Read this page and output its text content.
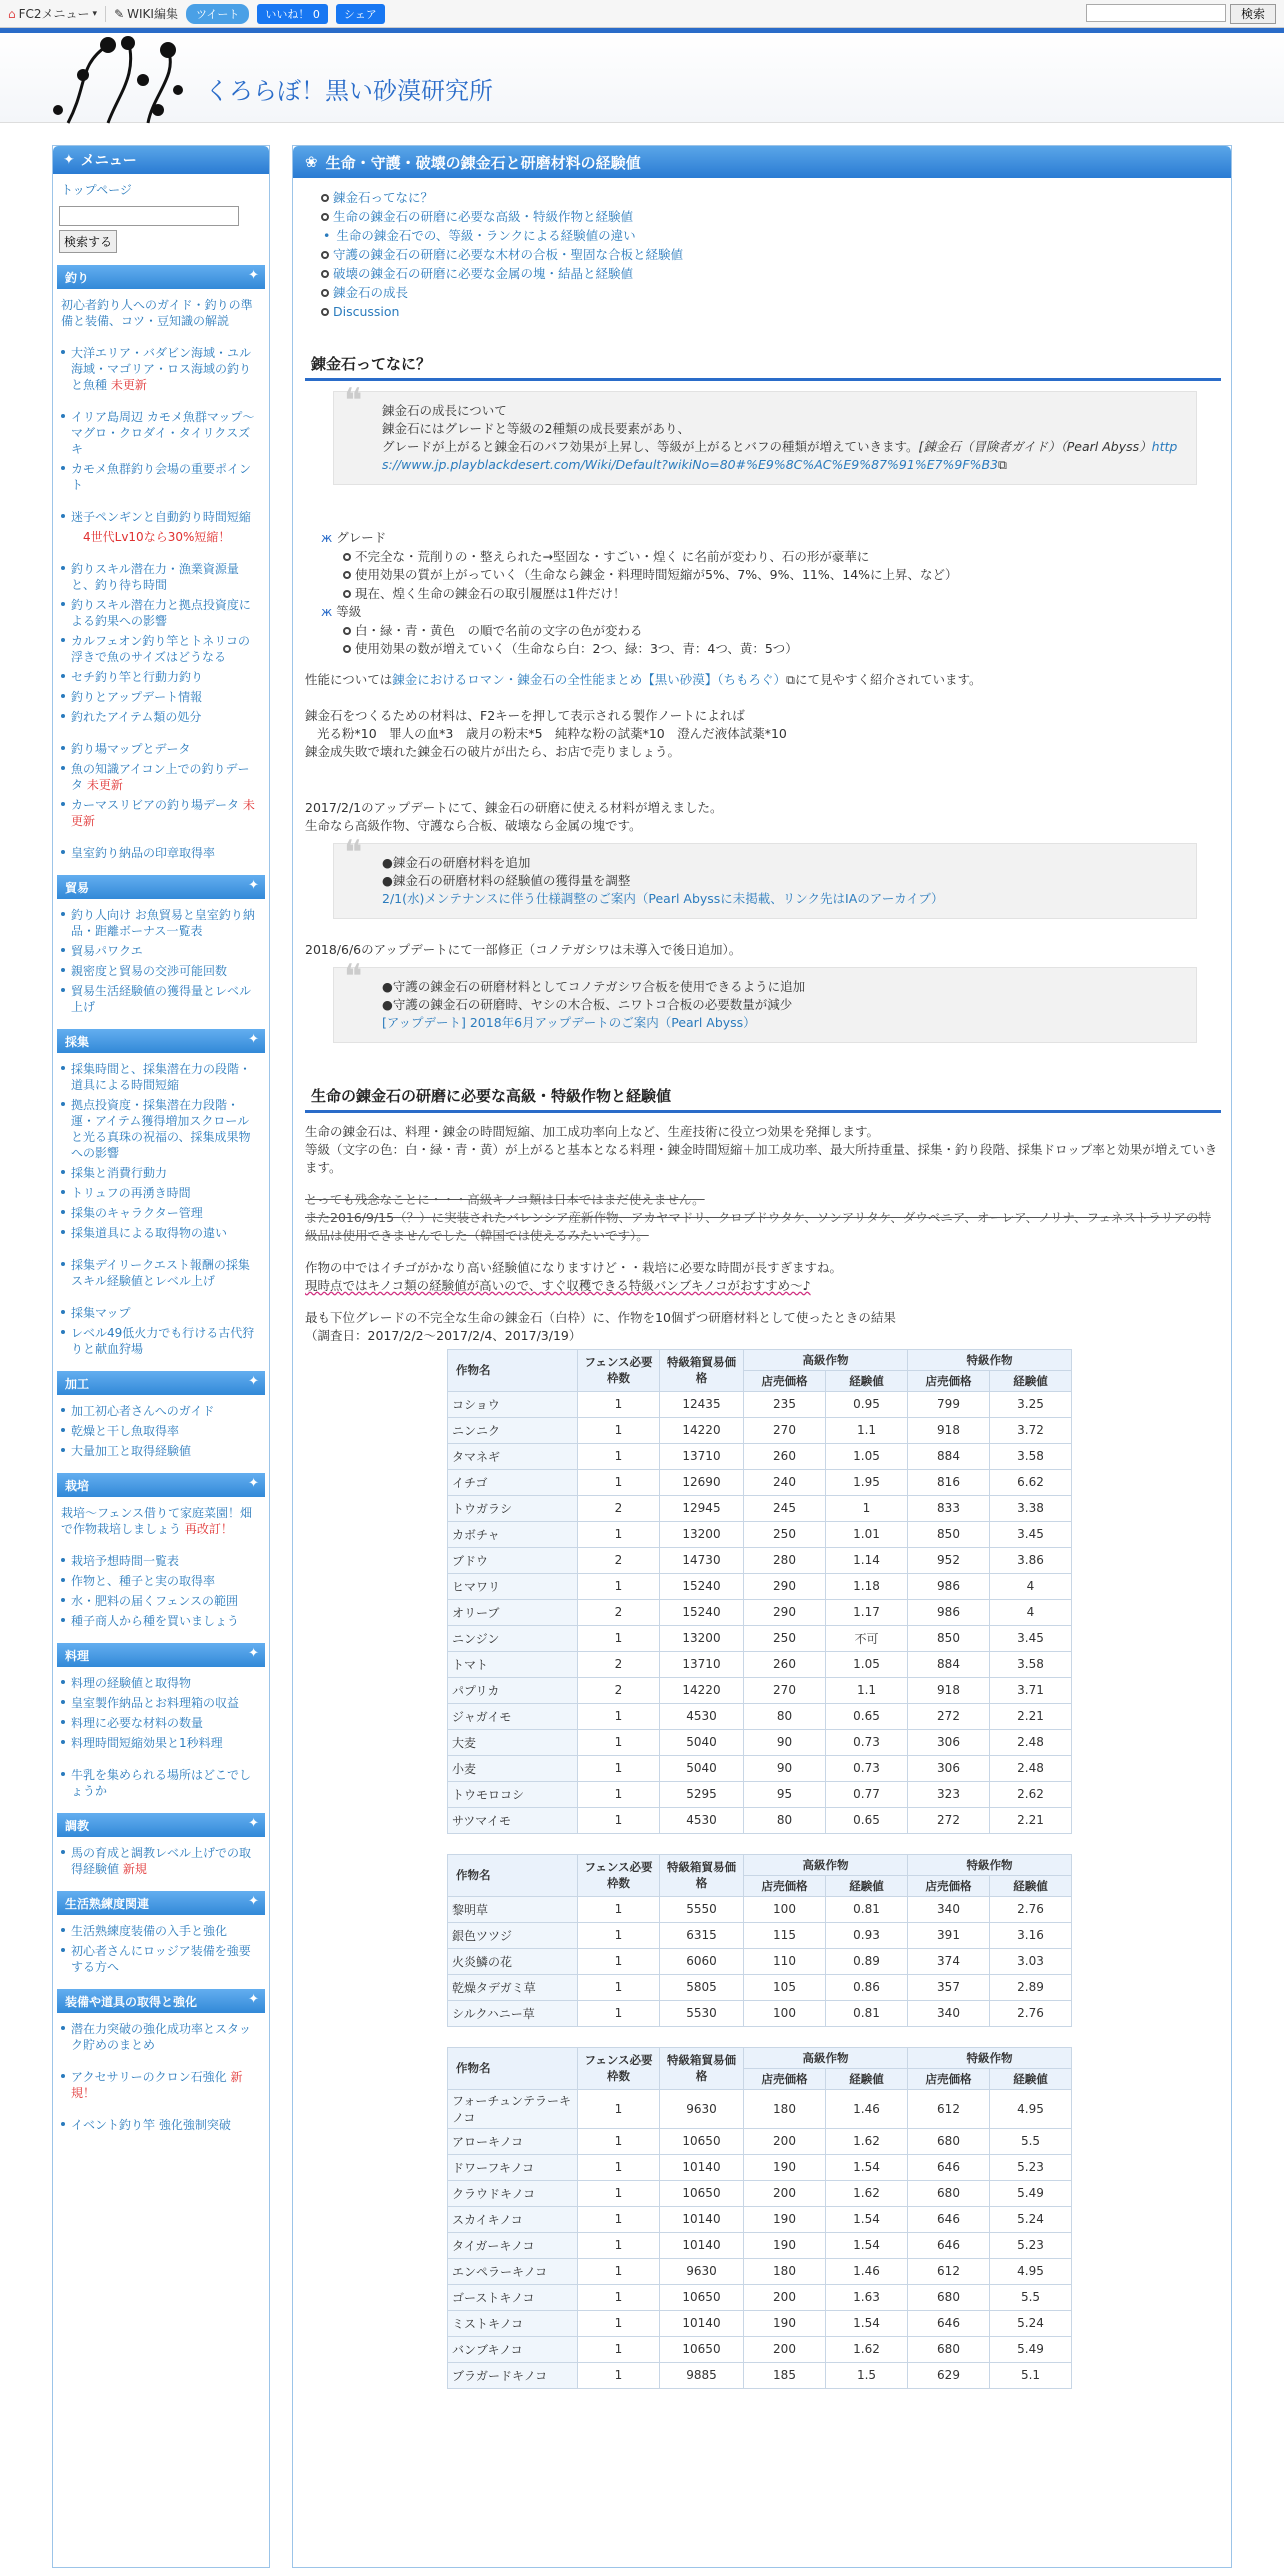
⌂ FC2メニュー ▾ ✎ WIKI編集	ツイート	いいね！ 0	シェア	検索
くろらぼ！黒い砂漠研究所
✦ メニュー
トップページ

検索する
釣り ✦
初心者釣り人へのガイド・釣りの準備と装備、コツ・豆知識の解説
大洋エリア・バダビン海域・ユル海域・マゴリア・ロス海域の釣りと魚種 未更新
イリア島周辺 カモメ魚群マップ～マグロ・クロダイ・タイリクスズキ
カモメ魚群釣り会場の重要ポイント
迷子ペンギンと自動釣り時間短縮
4世代Lv10なら30%短縮！
釣りスキル潜在力・漁業資源量と、釣り待ち時間
釣りスキル潜在力と拠点投資度による釣果への影響
カルフェオン釣り竿とトネリコの浮きで魚のサイズはどうなる
セチ釣り竿と行動力釣り
釣りとアップデート情報
釣れたアイテム類の処分
釣り場マップとデータ
魚の知識アイコン上での釣りデータ 未更新
カーマスリビアの釣り場データ 未更新
皇室釣り納品の印章取得率
貿易 ✦
釣り人向け お魚貿易と皇室釣り納品・距離ボーナス一覧表
貿易パワクエ
親密度と貿易の交渉可能回数
貿易生活経験値の獲得量とレベル上げ
採集 ✦
採集時間と、採集潜在力の段階・道具による時間短縮
拠点投資度・採集潜在力段階・運・アイテム獲得増加スクロールと光る真珠の祝福の、採集成果物への影響
採集と消費行動力
トリュフの再湧き時間
採集のキャラクター管理
採集道具による取得物の違い
採集デイリークエスト報酬の採集スキル経験値とレベル上げ
採集マップ
レベル49低火力でも行ける古代狩りと献血狩場
加工 ✦
加工初心者さんへのガイド
乾燥と干し魚取得率
大量加工と取得経験値
栽培 ✦
栽培～フェンス借りて家庭菜園！畑で作物栽培しましょう 再改訂！
栽培予想時間一覧表
作物と、種子と実の取得率
水・肥料の届くフェンスの範囲
種子商人から種を買いましょう
料理 ✦
料理の経験値と取得物
皇室製作納品とお料理箱の収益
料理に必要な材料の数量
料理時間短縮効果と1秒料理
牛乳を集められる場所はどこでしょうか
調教 ✦
馬の育成と調教レベル上げでの取得経験値 新規
生活熟練度関連 ✦
生活熟練度装備の入手と強化
初心者さんにロッジア装備を強要する方へ
装備や道具の取得と強化 ✦
潜在力突破の強化成功率とスタック貯めのまとめ
アクセサリーのクロン石強化 新規！
イベント釣り竿 強化強制突破
❀ 生命・守護・破壊の錬金石と研磨材料の経験値
錬金石ってなに？
生命の錬金石の研磨に必要な高級・特級作物と経験値
• 生命の錬金石での、等級・ランクによる経験値の違い
守護の錬金石の研磨に必要な木材の合板・聖固な合板と経験値
破壊の錬金石の研磨に必要な金属の塊・結晶と経験値
錬金石の成長
Discussion
錬金石ってなに？
❝ 錬金石の成長について
錬金石にはグレードと等級の2種類の成長要素があり、
グレードが上がると錬金石のバフ効果が上昇し、等級が上がるとバフの種類が増えていきます。[錬金石（冒険者ガイド）（Pearl Abyss）https://www.jp.playblackdesert.com/Wiki/Default?wikiNo=80#%E9%8C%AC%E9%87%91%E7%9F%B3⧉
ж グレード
不完全な・荒削りの・整えられた→堅固な・すごい・煌く に名前が変わり、石の形が豪華に
使用効果の質が上がっていく（生命なら錬金・料理時間短縮が5%、7%、9%、11%、14%に上昇、など）
現在、煌く生命の錬金石の取引履歴は1件だけ！
ж 等級
白・緑・青・黄色　の順で名前の文字の色が変わる
使用効果の数が増えていく（生命なら白：2つ、緑：3つ、青：4つ、黄：5つ）
性能については錬金におけるロマン・錬金石の全性能まとめ【黒い砂漠】（ちもろぐ）⧉にて見やすく紹介されています。
錬金石をつくるための材料は、F2キーを押して表示される製作ノートによれば
光る粉*10　罪人の血*3　歳月の粉末*5　純粋な粉の試薬*10　澄んだ液体試薬*10
錬金成失敗で壊れた錬金石の破片が出たら、お店で売りましょう。
2017/2/1のアップデートにて、錬金石の研磨に使える材料が増えました。
生命なら高級作物、守護なら合板、破壊なら金属の塊です。
❝ ●錬金石の研磨材料を追加
●錬金石の研磨材料の経験値の獲得量を調整
2/1(水)メンテナンスに伴う仕様調整のご案内（Pearl Abyssに未掲載、リンク先はIAのアーカイブ）
2018/6/6のアップデートにて一部修正（コノテガシワは未導入で後日追加）。
❝ ●守護の錬金石の研磨材料としてコノテガシワ合板を使用できるように追加
●守護の錬金石の研磨時、ヤシの木合板、ニワトコ合板の必要数量が減少
[アップデート] 2018年6月アップデートのご案内（Pearl Abyss）
生命の錬金石の研磨に必要な高級・特級作物と経験値
生命の錬金石は、料理・錬金の時間短縮、加工成功率向上など、生産技術に役立つ効果を発揮します。
等級（文字の色：白・緑・青・黄）が上がると基本となる料理・錬金時間短縮＋加工成功率、最大所持重量、採集・釣り段階、採集ドロップ率と効果が増えていきます。
とっても残念なことに・・・高級キノコ類は日本ではまだ使えません。
また2016/9/15（？）に実装されたバレンシア産新作物、アカヤマドリ、クロブドウタケ、ソンアリタケ、ダウベニア、オーレア、ノリナ、フェネストラリアの特級品は使用できませんでした（韓国では使えるみたいです）。
作物の中ではイチゴがかなり高い経験値になりますけど・・栽培に必要な時間が長すぎますね。
現時点ではキノコ類の経験値が高いので、すぐ収穫できる特級バンブキノコがおすすめ～♪
最も下位グレードの不完全な生命の錬金石（白枠）に、作物を10個ずつ研磨材料として使ったときの結果
（調査日：2017/2/2～2017/2/4、2017/3/19）
作物名	フェンス必要枠数	特級箱貿易価格	高級作物		特級作物	
			店売価格	経験値	店売価格	経験値
コショウ	1	12435	235	0.95	799	3.25
ニンニク	1	14220	270	1.1	918	3.72
タマネギ	1	13710	260	1.05	884	3.58
イチゴ	1	12690	240	1.95	816	6.62
トウガラシ	2	12945	245	1	833	3.38
カボチャ	1	13200	250	1.01	850	3.45
ブドウ	2	14730	280	1.14	952	3.86
ヒマワリ	1	15240	290	1.18	986	4
オリーブ	2	15240	290	1.17	986	4
ニンジン	1	13200	250	不可	850	3.45
トマト	2	13710	260	1.05	884	3.58
パプリカ	2	14220	270	1.1	918	3.71
ジャガイモ	1	4530	80	0.65	272	2.21
大麦	1	5040	90	0.73	306	2.48
小麦	1	5040	90	0.73	306	2.48
トウモロコシ	1	5295	95	0.77	323	2.62
サツマイモ	1	4530	80	0.65	272	2.21
作物名	フェンス必要枠数	特級箱貿易価格	高級作物		特級作物	
			店売価格	経験値	店売価格	経験値
黎明草	1	5550	100	0.81	340	2.76
銀色ツツジ	1	6315	115	0.93	391	3.16
火炎鱗の花	1	6060	110	0.89	374	3.03
乾燥タデガミ草	1	5805	105	0.86	357	2.89
シルクハニー草	1	5530	100	0.81	340	2.76
作物名	フェンス必要枠数	特級箱貿易価格	高級作物		特級作物	
			店売価格	経験値	店売価格	経験値
フォーチュンテラーキノコ	1	9630	180	1.46	612	4.95
アローキノコ	1	10650	200	1.62	680	5.5
ドワーフキノコ	1	10140	190	1.54	646	5.23
クラウドキノコ	1	10650	200	1.62	680	5.49
スカイキノコ	1	10140	190	1.54	646	5.24
タイガーキノコ	1	10140	190	1.54	646	5.23
エンペラーキノコ	1	9630	180	1.46	612	4.95
ゴーストキノコ	1	10650	200	1.63	680	5.5
ミストキノコ	1	10140	190	1.54	646	5.24
バンブキノコ	1	10650	200	1.62	680	5.49
ブラガードキノコ	1	9885	185	1.5	629	5.1
